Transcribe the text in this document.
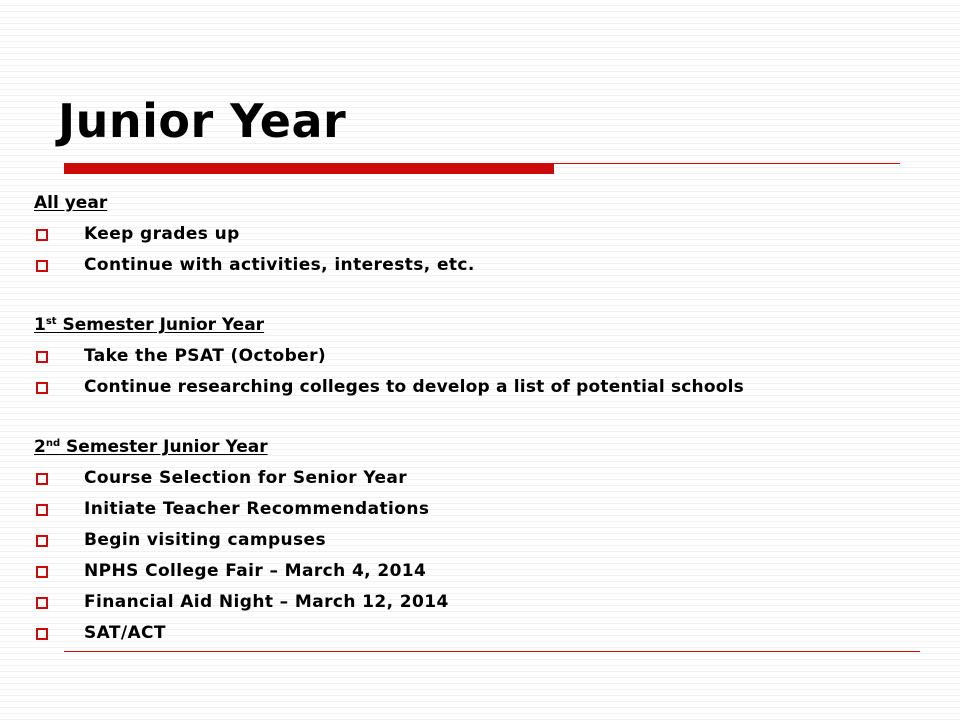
Junior Year
All year
Keep grades up
Continue with activities, interests, etc.
1st Semester Junior Year
Take the PSAT (October)
Continue researching colleges to develop a list of potential schools
2nd Semester Junior Year
Course Selection for Senior Year
Initiate Teacher Recommendations
Begin visiting campuses
NPHS College Fair – March 4, 2014
Financial Aid Night – March 12, 2014
SAT/ACT
